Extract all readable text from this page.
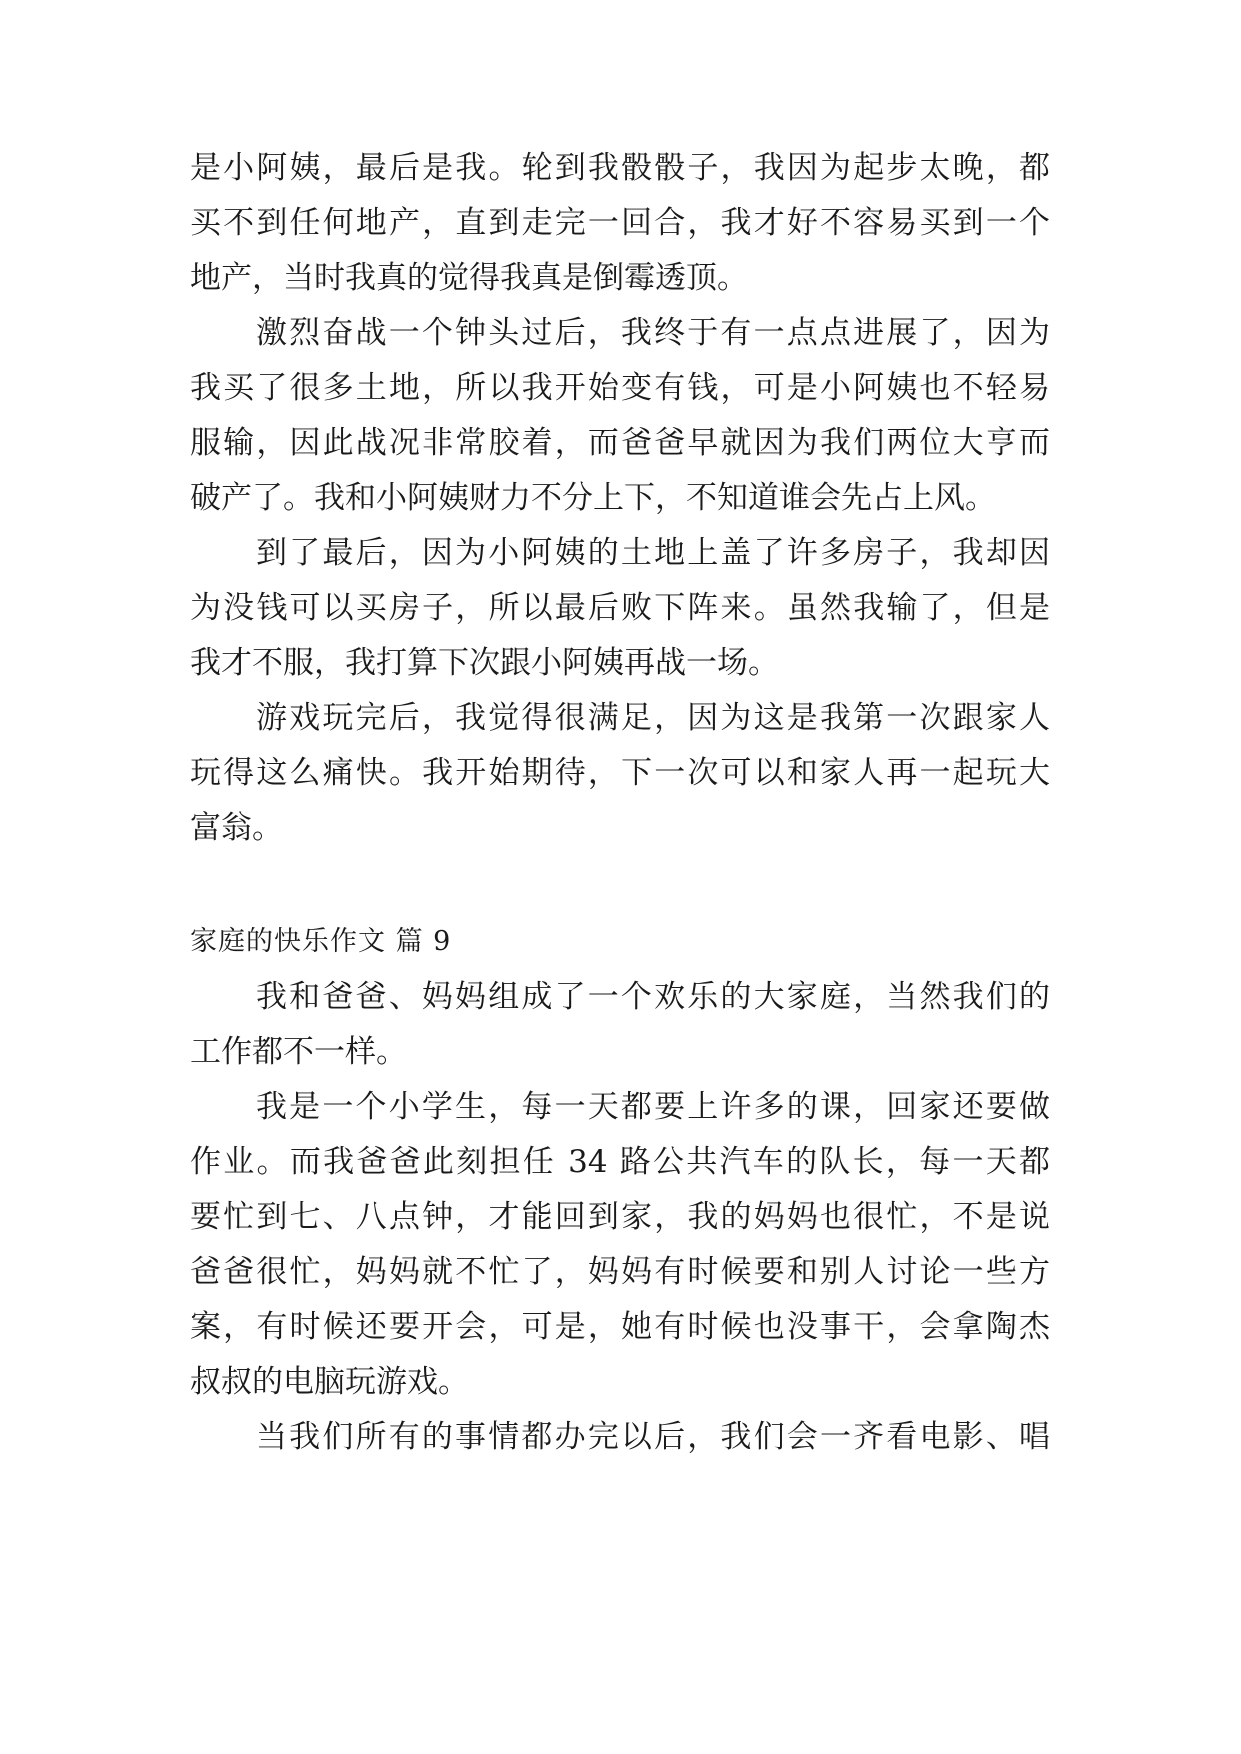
是小阿姨，最后是我。轮到我骰骰子，我因为起步太晚，都
买不到任何地产，直到走完一回合，我才好不容易买到一个
地产，当时我真的觉得我真是倒霉透顶。
激烈奋战一个钟头过后，我终于有一点点进展了，因为
我买了很多土地，所以我开始变有钱，可是小阿姨也不轻易
服输，因此战况非常胶着，而爸爸早就因为我们两位大亨而
破产了。我和小阿姨财力不分上下，不知道谁会先占上风。
到了最后，因为小阿姨的土地上盖了许多房子，我却因
为没钱可以买房子，所以最后败下阵来。虽然我输了，但是
我才不服，我打算下次跟小阿姨再战一场。
游戏玩完后，我觉得很满足，因为这是我第一次跟家人
玩得这么痛快。我开始期待，下一次可以和家人再一起玩大
富翁。
家庭的快乐作文 篇 9
我和爸爸、妈妈组成了一个欢乐的大家庭，当然我们的
工作都不一样。
我是一个小学生，每一天都要上许多的课，回家还要做
作业。而我爸爸此刻担任 34 路公共汽车的队长，每一天都
要忙到七、八点钟，才能回到家，我的妈妈也很忙，不是说
爸爸很忙，妈妈就不忙了，妈妈有时候要和别人讨论一些方
案，有时候还要开会，可是，她有时候也没事干，会拿陶杰
叔叔的电脑玩游戏。
当我们所有的事情都办完以后，我们会一齐看电影、唱
